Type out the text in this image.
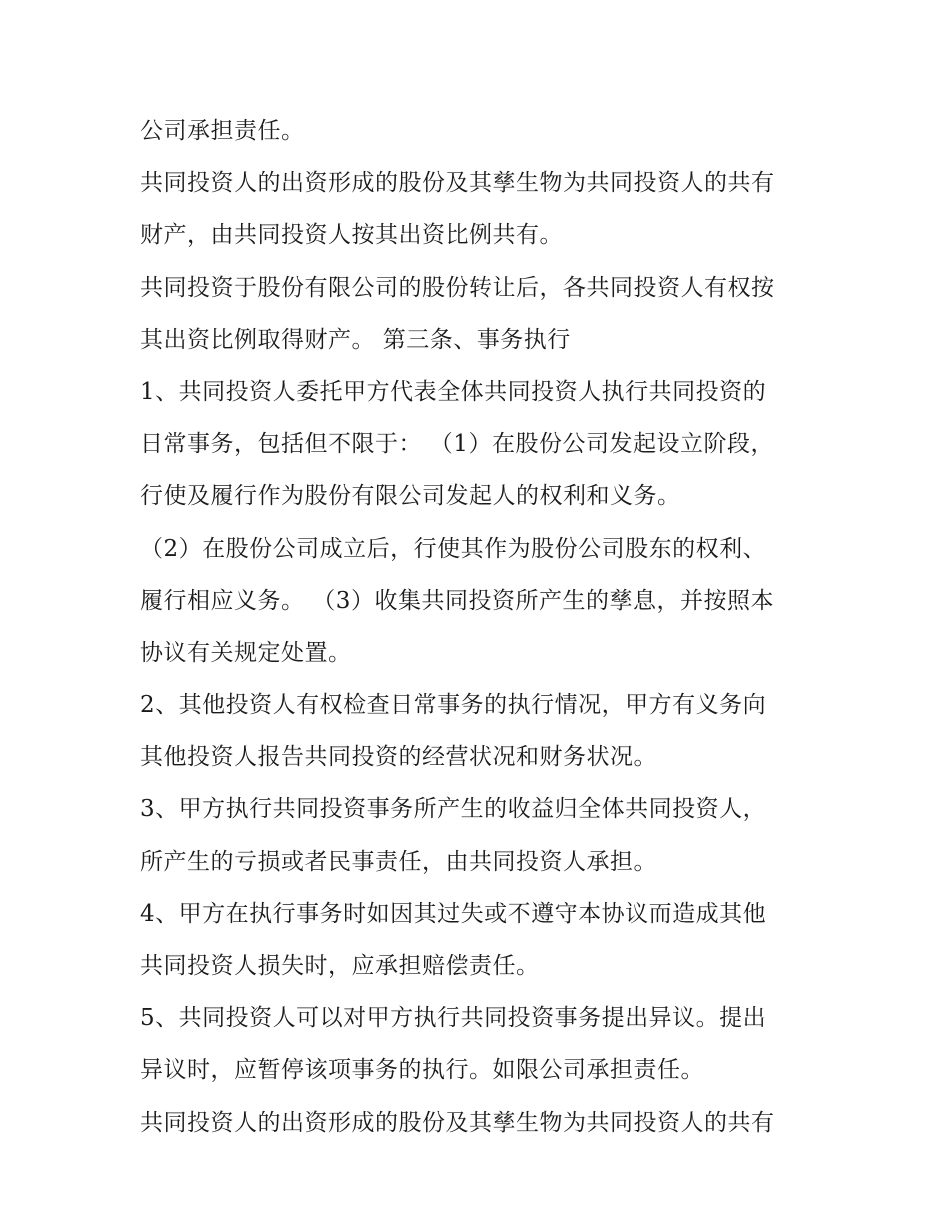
公司承担责任。
共同投资人的出资形成的股份及其孳生物为共同投资人的共有
财产，由共同投资人按其出资比例共有。
共同投资于股份有限公司的股份转让后，各共同投资人有权按
其出资比例取得财产。 第三条、事务执行
1、共同投资人委托甲方代表全体共同投资人执行共同投资的
日常事务，包括但不限于： （1）在股份公司发起设立阶段，
行使及履行作为股份有限公司发起人的权利和义务。
（2）在股份公司成立后，行使其作为股份公司股东的权利、
履行相应义务。 （3）收集共同投资所产生的孳息，并按照本
协议有关规定处置。
2、其他投资人有权检查日常事务的执行情况，甲方有义务向
其他投资人报告共同投资的经营状况和财务状况。
3、甲方执行共同投资事务所产生的收益归全体共同投资人，
所产生的亏损或者民事责任，由共同投资人承担。
4、甲方在执行事务时如因其过失或不遵守本协议而造成其他
共同投资人损失时，应承担赔偿责任。
5、共同投资人可以对甲方执行共同投资事务提出异议。提出
异议时，应暂停该项事务的执行。如限公司承担责任。
共同投资人的出资形成的股份及其孳生物为共同投资人的共有
